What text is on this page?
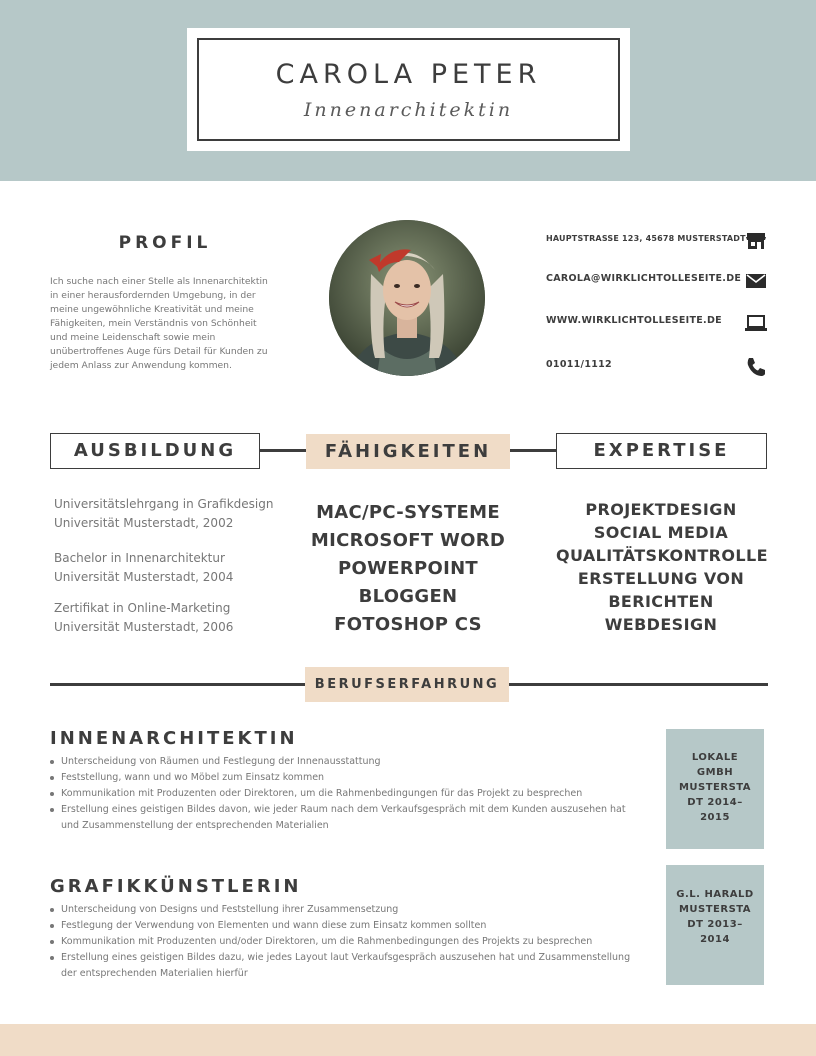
CAROLA PETER
Innenarchitektin
PROFIL
Ich suche nach einer Stelle als Innenarchitektin in einer herausfordernden Umgebung, in der meine ungewöhnliche Kreativität und meine Fähigkeiten, mein Verständnis von Schönheit und meine Leidenschaft sowie mein unübertroffenes Auge fürs Detail für Kunden zu jedem Anlass zur Anwendung kommen.
HAUPTSTRASSE 123, 45678 MUSTERSTADT
CAROLA@WIRKLICHTOLLESEITE.DE
WWW.WIRKLICHTOLLESEITE.DE
01011/1112
AUSBILDUNG	FÄHIGKEITEN	EXPERTISE
Universitätslehrgang in Grafikdesign
Universität Musterstadt, 2002
Bachelor in Innenarchitektur
Universität Musterstadt, 2004
Zertifikat in Online-Marketing
Universität Musterstadt, 2006
MAC/PC-SYSTEME
MICROSOFT WORD
POWERPOINT
BLOGGEN
FOTOSHOP CS
PROJEKTDESIGN
SOCIAL MEDIA
QUALITÄTSKONTROLLE
ERSTELLUNG VON
BERICHTEN
WEBDESIGN
BERUFSERFAHRUNG
INNENARCHITEKTIN
Unterscheidung von Räumen und Festlegung der Innenausstattung
Feststellung, wann und wo Möbel zum Einsatz kommen
Kommunikation mit Produzenten oder Direktoren, um die Rahmenbedingungen für das Projekt zu besprechen
Erstellung eines geistigen Bildes davon, wie jeder Raum nach dem Verkaufsgespräch mit dem Kunden auszusehen hat und Zusammenstellung der entsprechenden Materialien
LOKALE
GMBH
MUSTERSTA
DT 2014–
2015
GRAFIKKÜNSTLERIN
Unterscheidung von Designs und Feststellung ihrer Zusammensetzung
Festlegung der Verwendung von Elementen und wann diese zum Einsatz kommen sollten
Kommunikation mit Produzenten und/oder Direktoren, um die Rahmenbedingungen des Projekts zu besprechen
Erstellung eines geistigen Bildes dazu, wie jedes Layout laut Verkaufsgespräch auszusehen hat und Zusammenstellung der entsprechenden Materialien hierfür
G.L. HARALD
MUSTERSTA
DT 2013–
2014
